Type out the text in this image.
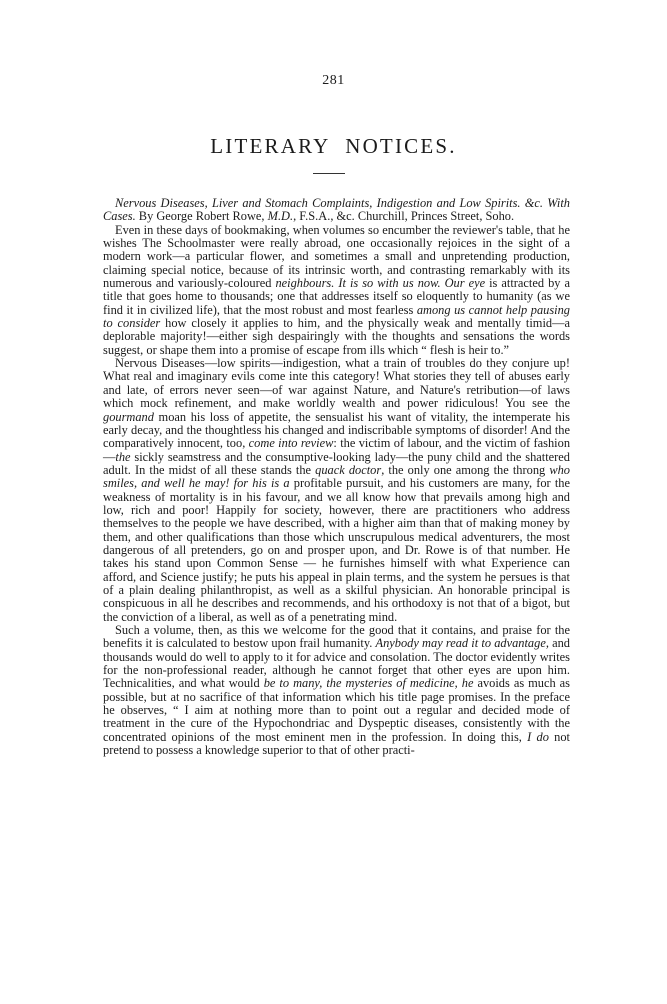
281
LITERARY NOTICES.

Nervous Diseases, Liver and Stomach Complaints, Indigestion and Low Spirits. &c. With Cases. By George Robert Rowe, M.D., F.S.A., &c. Churchill, Princes Street, Soho.

Even in these days of bookmaking, when volumes so encumber the reviewer's table, that he wishes The Schoolmaster were really abroad, one occasionally rejoices in the sight of a modern work—a particular flower, and sometimes a small and unpretending production, claiming special notice, because of its intrinsic worth, and contrasting remarkably with its numerous and variously-coloured neighbours. It is so with us now. Our eye is attracted by a title that goes home to thousands; one that addresses itself so eloquently to humanity (as we find it in civilized life), that the most robust and most fearless among us cannot help pausing to consider how closely it applies to him, and the physically weak and mentally timid—a deplorable majority!—either sigh despairingly with the thoughts and sensations the words suggest, or shape them into a promise of escape from ills which “ flesh is heir to.”

Nervous Diseases—low spirits—indigestion, what a train of troubles do they conjure up! What real and imaginary evils come inte this category! What stories they tell of abuses early and late, of errors never seen—of war against Nature, and Nature's retribution—of laws which mock refinement, and make worldly wealth and power ridiculous! You see the gourmand moan his loss of appetite, the sensualist his want of vitality, the intemperate his early decay, and the thoughtless his changed and indiscribable symptoms of disorder! And the comparatively innocent, too, come into review: the victim of labour, and the victim of fashion—the sickly seamstress and the consumptive-looking lady—the puny child and the shattered adult. In the midst of all these stands the quack doctor, the only one among the throng who smiles, and well he may! for his is a profitable pursuit, and his customers are many, for the weakness of mortality is in his favour, and we all know how that prevails among high and low, rich and poor! Happily for society, however, there are practitioners who address themselves to the people we have described, with a higher aim than that of making money by them, and other qualifications than those which unscrupulous medical adventurers, the most dangerous of all pretenders, go on and prosper upon, and Dr. Rowe is of that number. He takes his stand upon Common Sense — he furnishes himself with what Experience can afford, and Science justify; he puts his appeal in plain terms, and the system he persues is that of a plain dealing philanthropist, as well as a skilful physician. An honorable principal is conspicuous in all he describes and recommends, and his orthodoxy is not that of a bigot, but the conviction of a liberal, as well as of a penetrating mind.

Such a volume, then, as this we welcome for the good that it contains, and praise for the benefits it is calculated to bestow upon frail humanity. Anybody may read it to advantage, and thousands would do well to apply to it for advice and consolation. The doctor evidently writes for the non-professional reader, although he cannot forget that other eyes are upon him. Technicalities, and what would be to many, the mysteries of medicine, he avoids as much as possible, but at no sacrifice of that information which his title page promises. In the preface he observes, “ I aim at nothing more than to point out a regular and decided mode of treatment in the cure of the Hypochondriac and Dyspeptic diseases, consistently with the concentrated opinions of the most eminent men in the profession. In doing this, I do not pretend to possess a knowledge superior to that of other practi-
